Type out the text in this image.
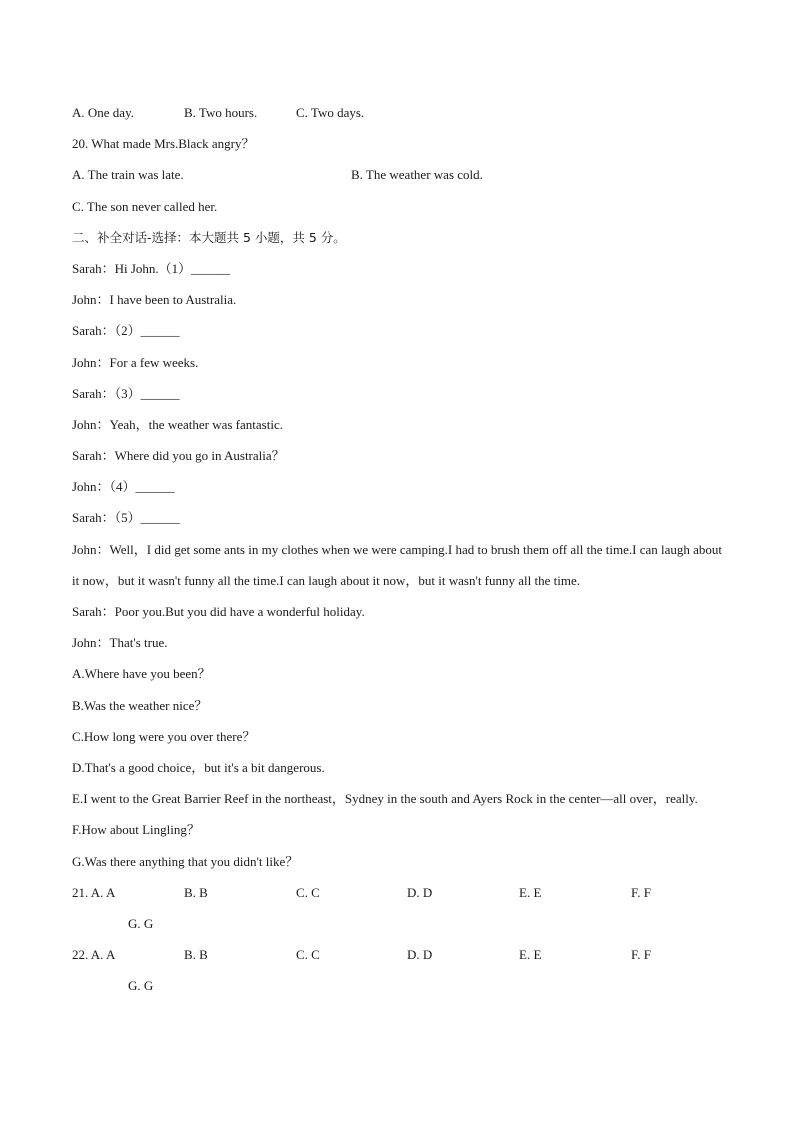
A. One day.	B. Two hours.	C. Two days.
20. What made Mrs.Black angry？
A. The train was late.	B. The weather was cold.
C. The son never called her.
二、补全对话-选择：本大题共 5 小题，共 5 分。
Sarah：Hi John.（1）______
John：I have been to Australia.
Sarah：（2）______
John：For a few weeks.
Sarah：（3）______
John：Yeah，the weather was fantastic.
Sarah：Where did you go in Australia？
John：（4）______
Sarah：（5）______
John：Well，I did get some ants in my clothes when we were camping.I had to brush them off all the time.I can laugh about it now，but it wasn't funny all the time.I can laugh about it now，but it wasn't funny all the time.
Sarah：Poor you.But you did have a wonderful holiday.
John：That's true.
A.Where have you been？
B.Was the weather nice？
C.How long were you over there？
D.That's a good choice，but it's a bit dangerous.
E.I went to the Great Barrier Reef in the northeast，Sydney in the south and Ayers Rock in the center—all over，really.
F.How about Lingling？
G.Was there anything that you didn't like？
21. A. A	B. B	C. C	D. D	E. E	F. F
G. G
22. A. A	B. B	C. C	D. D	E. E	F. F
G. G
